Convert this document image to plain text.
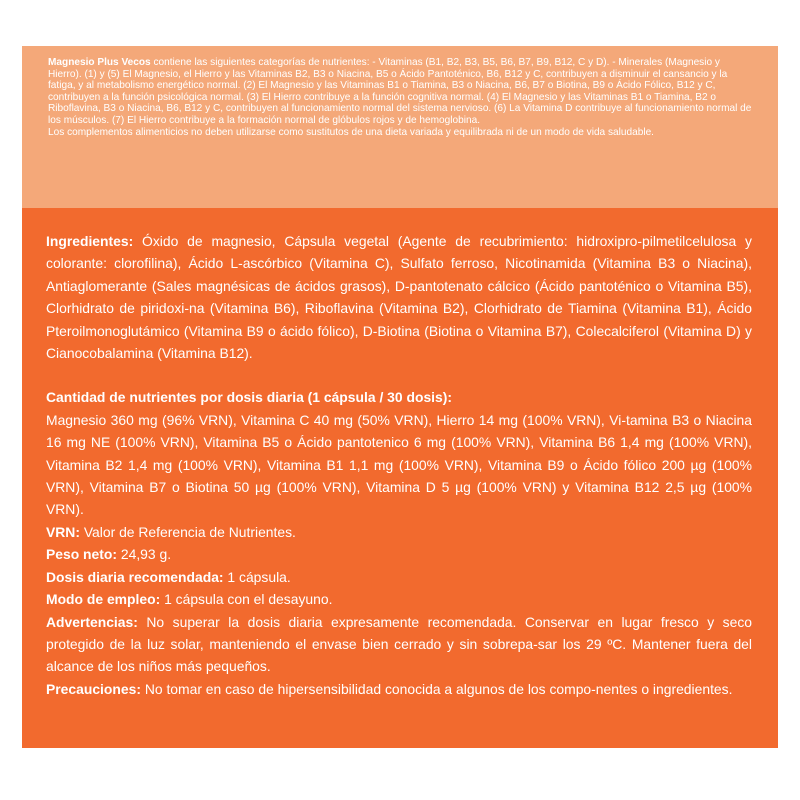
Magnesio Plus Vecos contiene las siguientes categorías de nutrientes: - Vitaminas (B1, B2, B3, B5, B6, B7, B9, B12, C y D). - Minerales (Magnesio y Hierro). (1) y (5) El Magnesio, el Hierro y las Vitaminas B2, B3 o Niacina, B5 o Ácido Pantoténico, B6, B12 y C, contribuyen a disminuir el cansancio y la fatiga, y al metabolismo energético normal. (2) El Magnesio y las Vitaminas B1 o Tiamina, B3 o Niacina, B6, B7 o Biotina, B9 o Ácido Fólico, B12 y C, contribuyen a la función psicológica normal. (3) El Hierro contribuye a la función cognitiva normal. (4) El Magnesio y las Vitaminas B1 o Tiamina, B2 o Riboflavina, B3 o Niacina, B6, B12 y C, contribuyen al funcionamiento normal del sistema nervioso. (6) La Vitamina D contribuye al funcionamiento normal de los músculos. (7) El Hierro contribuye a la formación normal de glóbulos rojos y de hemoglobina.

Los complementos alimenticios no deben utilizarse como sustitutos de una dieta variada y equilibrada ni de un modo de vida saludable.

Ingredientes: Óxido de magnesio, Cápsula vegetal (Agente de recubrimiento: hidroxipro-pilmetilcelulosa y colorante: clorofilina), Ácido L-ascórbico (Vitamina C), Sulfato ferroso, Nicotinamida (Vitamina B3 o Niacina), Antiaglomerante (Sales magnésicas de ácidos grasos), D-pantotenato cálcico (Ácido pantoténico o Vitamina B5), Clorhidrato de piridoxi-na (Vitamina B6), Riboflavina (Vitamina B2), Clorhidrato de Tiamina (Vitamina B1), Ácido Pteroilmonoglutámico (Vitamina B9 o ácido fólico), D-Biotina (Biotina o Vitamina B7), Colecalciferol (Vitamina D) y Cianocobalamina (Vitamina B12).

Cantidad de nutrientes por dosis diaria (1 cápsula / 30 dosis):

Magnesio 360 mg (96% VRN), Vitamina C 40 mg (50% VRN), Hierro 14 mg (100% VRN), Vi-tamina B3 o Niacina 16 mg NE (100% VRN), Vitamina B5 o Ácido pantotenico 6 mg (100% VRN), Vitamina B6 1,4 mg (100% VRN), Vitamina B2 1,4 mg (100% VRN), Vitamina B1 1,1 mg (100% VRN), Vitamina B9 o Ácido fólico 200 µg (100% VRN), Vitamina B7 o Biotina 50 µg (100% VRN), Vitamina D 5 µg (100% VRN) y Vitamina B12 2,5 µg (100% VRN).

VRN: Valor de Referencia de Nutrientes.

Peso neto: 24,93 g.

Dosis diaria recomendada: 1 cápsula.

Modo de empleo: 1 cápsula con el desayuno.

Advertencias: No superar la dosis diaria expresamente recomendada. Conservar en lugar fresco y seco protegido de la luz solar, manteniendo el envase bien cerrado y sin sobrepa-sar los 29 ºC. Mantener fuera del alcance de los niños más pequeños.

Precauciones: No tomar en caso de hipersensibilidad conocida a algunos de los compo-nentes o ingredientes.
